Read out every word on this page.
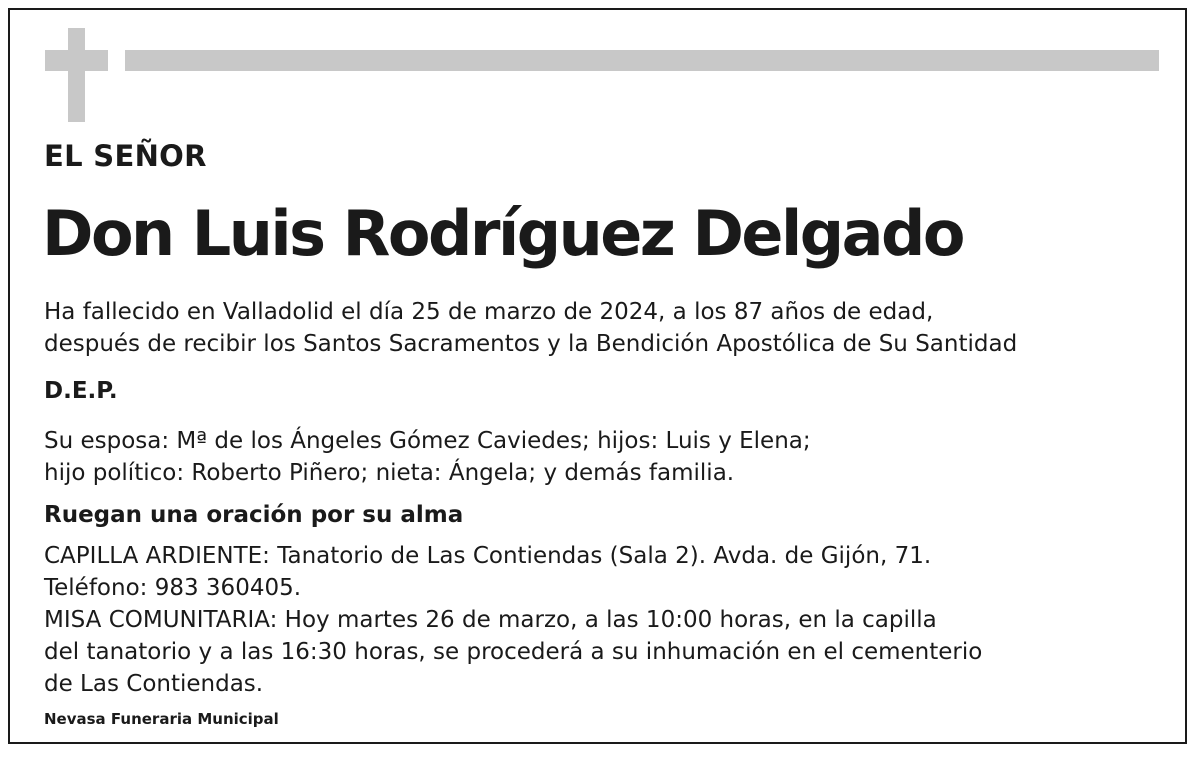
EL SEÑOR
Don Luis Rodríguez Delgado

Ha fallecido en Valladolid el día 25 de marzo de 2024, a los 87 años de edad,

después de recibir los Santos Sacramentos y la Bendición Apostólica de Su Santidad

D.E.P.

Su esposa: Mª de los Ángeles Gómez Caviedes; hijos: Luis y Elena;

hijo político: Roberto Piñero; nieta: Ángela; y demás familia.

Ruegan una oración por su alma

CAPILLA ARDIENTE: Tanatorio de Las Contiendas (Sala 2). Avda. de Gijón, 71.

Teléfono: 983 360405.

MISA COMUNITARIA: Hoy martes 26 de marzo, a las 10:00 horas, en la capilla

del tanatorio y a las 16:30 horas, se procederá a su inhumación en el cementerio

de Las Contiendas.

Nevasa Funeraria Municipal
